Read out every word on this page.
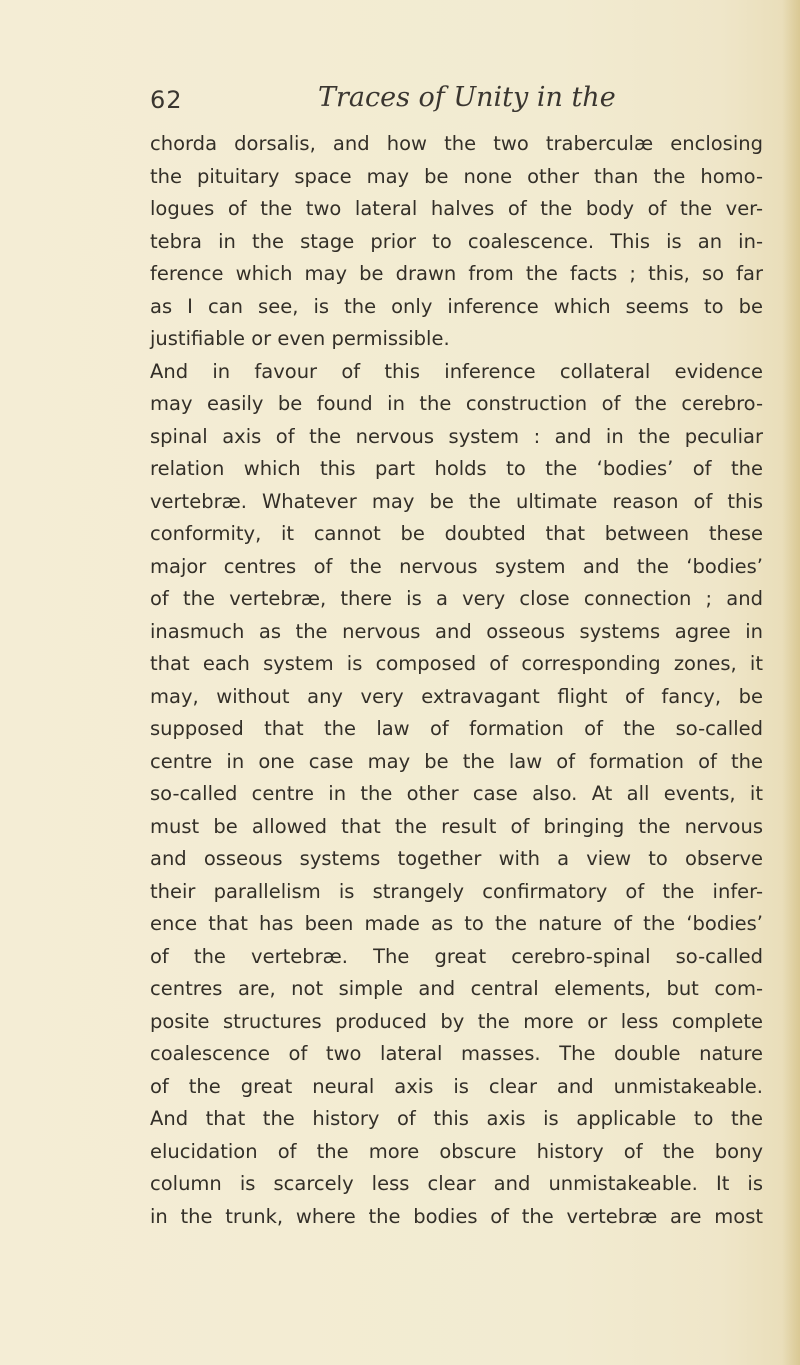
62	Traces of Unity in the
chorda dorsalis, and how the two traberculæ enclosing
the pituitary space may be none other than the homo-
logues of the two lateral halves of the body of the ver-
tebra in the stage prior to coalescence. This is an in-
ference which may be drawn from the facts ; this, so far
as I can see, is the only inference which seems to be
justifiable or even permissible.
And in favour of this inference collateral evidence
may easily be found in the construction of the cerebro-
spinal axis of the nervous system : and in the peculiar
relation which this part holds to the ‘bodies’ of the
vertebræ. Whatever may be the ultimate reason of this
conformity, it cannot be doubted that between these
major centres of the nervous system and the ‘bodies’
of the vertebræ, there is a very close connection ; and
inasmuch as the nervous and osseous systems agree in
that each system is composed of corresponding zones, it
may, without any very extravagant flight of fancy, be
supposed that the law of formation of the so-called
centre in one case may be the law of formation of the
so-called centre in the other case also. At all events, it
must be allowed that the result of bringing the nervous
and osseous systems together with a view to observe
their parallelism is strangely confirmatory of the infer-
ence that has been made as to the nature of the ‘bodies’
of the vertebræ. The great cerebro-spinal so-called
centres are, not simple and central elements, but com-
posite structures produced by the more or less complete
coalescence of two lateral masses. The double nature
of the great neural axis is clear and unmistakeable.
And that the history of this axis is applicable to the
elucidation of the more obscure history of the bony
column is scarcely less clear and unmistakeable. It is
in the trunk, where the bodies of the vertebræ are most
